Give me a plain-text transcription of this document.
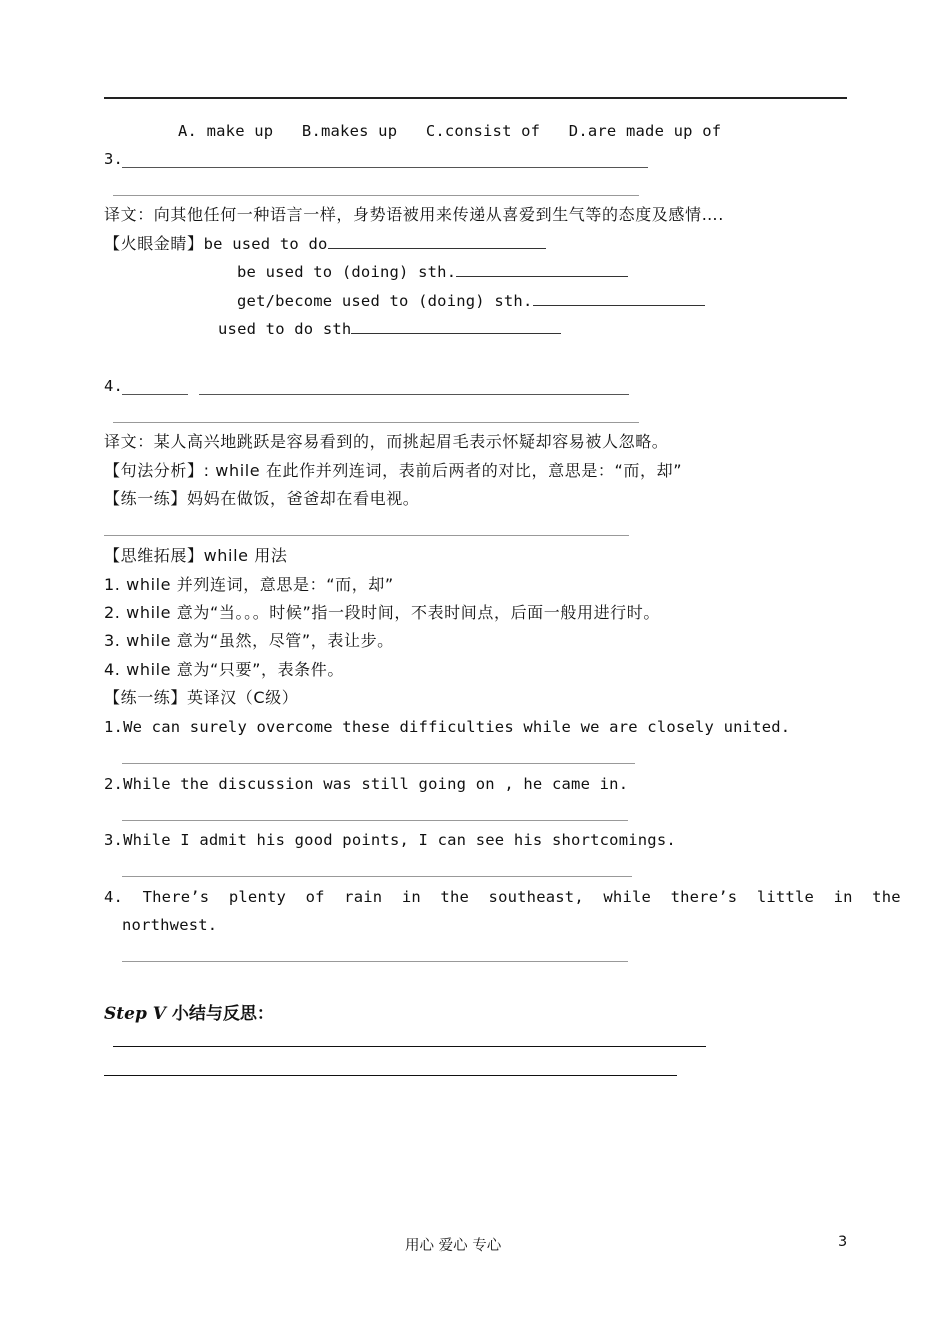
A. make up   B.makes up   C.consist of   D.are made up of
3.
译文：向其他任何一种语言一样，身势语被用来传递从喜爱到生气等的态度及感情….
【火眼金睛】be used to do
be used to (doing) sth.
get/become used to (doing) sth.
used to do sth
4.
译文：某人高兴地跳跃是容易看到的，而挑起眉毛表示怀疑却容易被人忽略。
【句法分析】: while 在此作并列连词，表前后两者的对比，意思是：“而，却”
【练一练】妈妈在做饭，爸爸却在看电视。
【思维拓展】while 用法
1. while 并列连词，意思是：“而，却”
2. while 意为“当。。。时候”指一段时间，不表时间点，后面一般用进行时。
3. while 意为“虽然，尽管”，表让步。
4. while 意为“只要”，表条件。
【练一练】英译汉（C级）
1.We can surely overcome these difficulties while we are closely united.
2.While the discussion was still going on , he came in.
3.While I admit his good points, I can see his shortcomings.
4. There’s plenty of rain in the southeast, while there’s little in the
northwest.
Step V 小结与反思：
用心 爱心 专心	3
